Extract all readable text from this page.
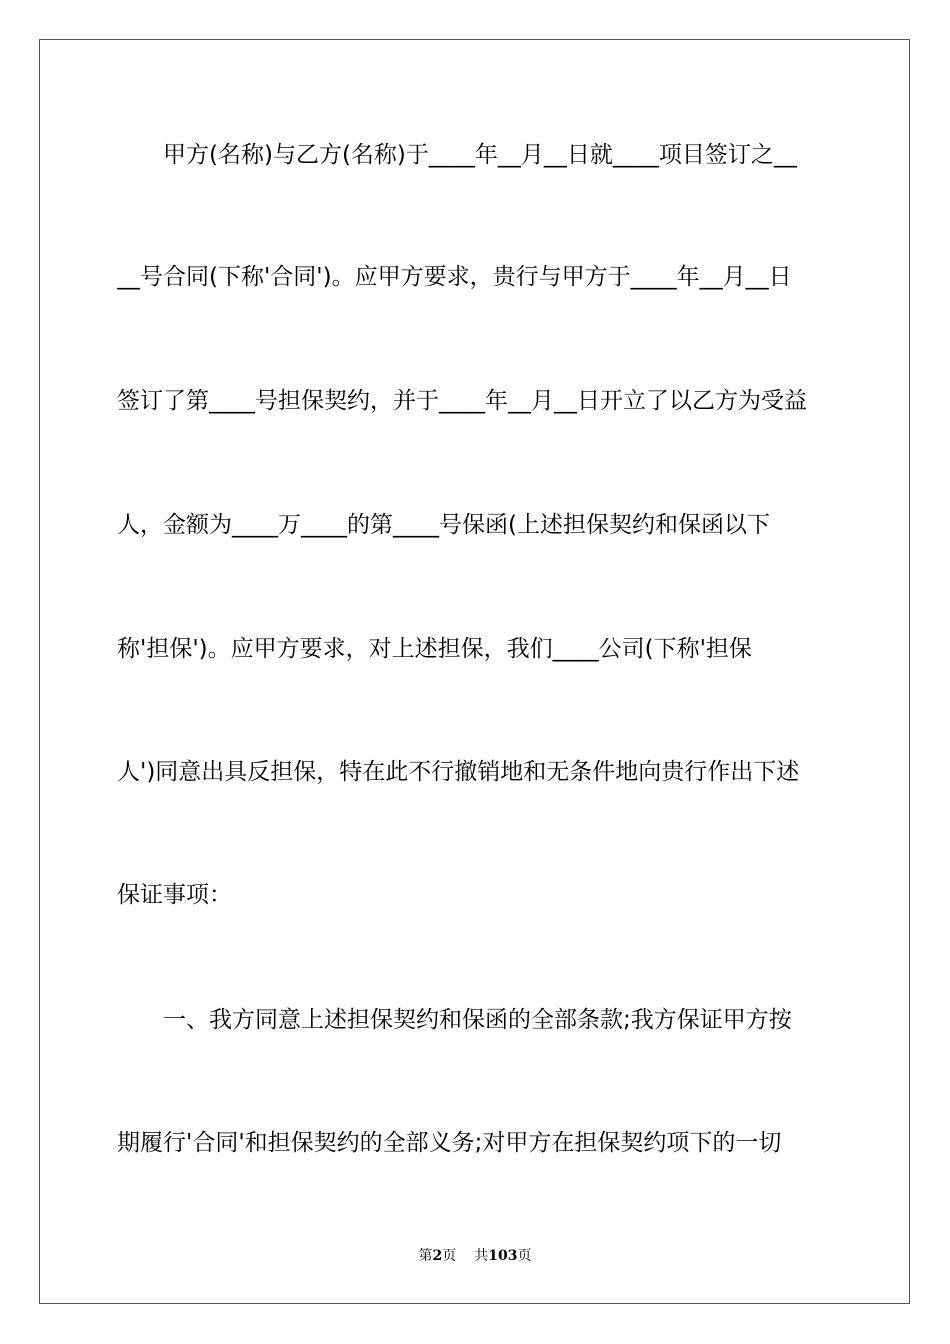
　　甲方(名称)与乙方(名称)于____年__月__日就____项目签订之__
__号合同(下称'合同')。应甲方要求，贵行与甲方于____年__月__日
签订了第____号担保契约，并于____年__月__日开立了以乙方为受益
人，金额为____万____的第____号保函(上述担保契约和保函以下
称'担保')。应甲方要求，对上述担保，我们____公司(下称'担保
人')同意出具反担保，特在此不行撤销地和无条件地向贵行作出下述
保证事项：
　　一、我方同意上述担保契约和保函的全部条款;我方保证甲方按
期履行'合同'和担保契约的全部义务;对甲方在担保契约项下的一切
第2页 共103页
